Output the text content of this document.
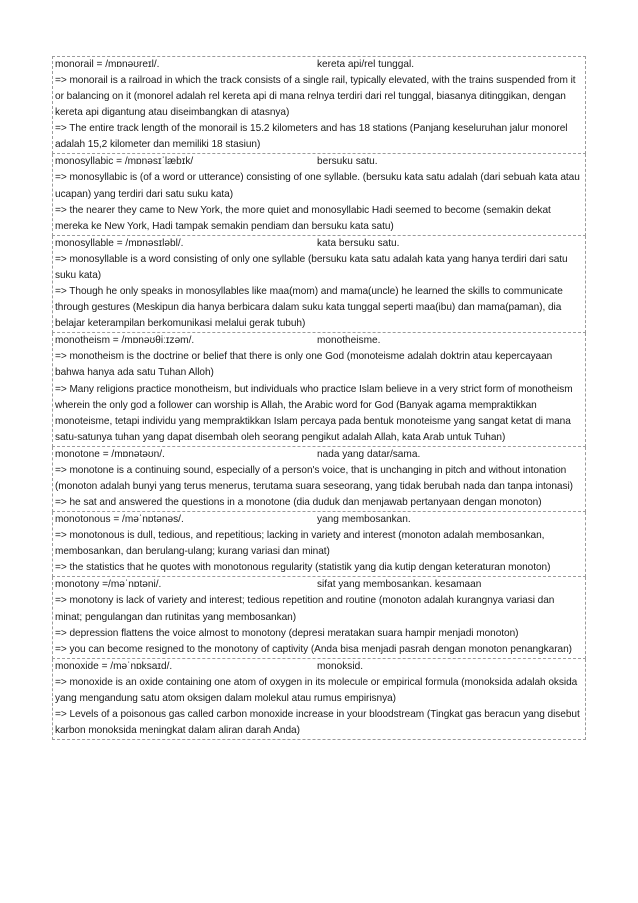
monorail = /mɒnəʊreɪl/.	kereta api/rel tunggal.

=> monorail is a railroad in which the track consists of a single rail, typically elevated, with the trains suspended from it or balancing on it (monorel adalah rel kereta api di mana relnya terdiri dari rel tunggal, biasanya ditinggikan, dengan kereta api digantung atau diseimbangkan di atasnya)

=> The entire track length of the monorail is 15.2 kilometers and has 18 stations (Panjang keseluruhan jalur monorel adalah 15,2 kilometer dan memiliki 18 stasiun)

monosyllabic = /mɒnəsɪˈlæbɪk/	bersuku satu.

=> monosyllabic is (of a word or utterance) consisting of one syllable. (bersuku kata satu adalah (dari sebuah kata atau ucapan) yang terdiri dari satu suku kata)

=> the nearer they came to New York, the more quiet and monosyllabic Hadi seemed to become (semakin dekat mereka ke New York, Hadi tampak semakin pendiam dan bersuku kata satu)

monosyllable = /mɒnəsɪləbl/.	kata bersuku satu.

=> monosyllable is a word consisting of only one syllable (bersuku kata satu adalah kata yang hanya terdiri dari satu suku kata)

=> Though he only speaks in monosyllables like maa(mom) and mama(uncle) he learned the skills to communicate through gestures (Meskipun dia hanya berbicara dalam suku kata tunggal seperti maa(ibu) dan mama(paman), dia belajar keterampilan berkomunikasi melalui gerak tubuh)

monotheism = /mɒnəʊθiːɪzəm/.	monotheisme.

=> monotheism is the doctrine or belief that there is only one God (monoteisme adalah doktrin atau kepercayaan bahwa hanya ada satu Tuhan Alloh)

=> Many religions practice monotheism, but individuals who practice Islam believe in a very strict form of monotheism wherein the only god a follower can worship is Allah, the Arabic word for God (Banyak agama mempraktikkan monoteisme, tetapi individu yang mempraktikkan Islam percaya pada bentuk monoteisme yang sangat ketat di mana satu-satunya tuhan yang dapat disembah oleh seorang pengikut adalah Allah, kata Arab untuk Tuhan)

monotone = /mɒnətəʊn/.	nada yang datar/sama.

=> monotone is a continuing sound, especially of a person's voice, that is unchanging in pitch and without intonation (monoton adalah bunyi yang terus menerus, terutama suara seseorang, yang tidak berubah nada dan tanpa intonasi)

=> he sat and answered the questions in a monotone (dia duduk dan menjawab pertanyaan dengan monoton)

monotonous = /məˈnɒtənəs/.	yang membosankan.

=> monotonous is dull, tedious, and repetitious; lacking in variety and interest (monoton adalah membosankan, membosankan, dan berulang-ulang; kurang variasi dan minat)

=> the statistics that he quotes with monotonous regularity (statistik yang dia kutip dengan keteraturan monoton)

monotony =/məˈnɒtəni/.	sifat yang membosankan. kesamaan

=> monotony is lack of variety and interest; tedious repetition and routine (monoton adalah kurangnya variasi dan minat; pengulangan dan rutinitas yang membosankan)

=> depression flattens the voice almost to monotony (depresi meratakan suara hampir menjadi monoton)

=> you can become resigned to the monotony of captivity (Anda bisa menjadi pasrah dengan monoton penangkaran)

monoxide = /məˈnɒksaɪd/.	monoksid.

=> monoxide is an oxide containing one atom of oxygen in its molecule or empirical formula (monoksida adalah oksida yang mengandung satu atom oksigen dalam molekul atau rumus empirisnya)

=> Levels of a poisonous gas called carbon monoxide increase in your bloodstream (Tingkat gas beracun yang disebut karbon monoksida meningkat dalam aliran darah Anda)
